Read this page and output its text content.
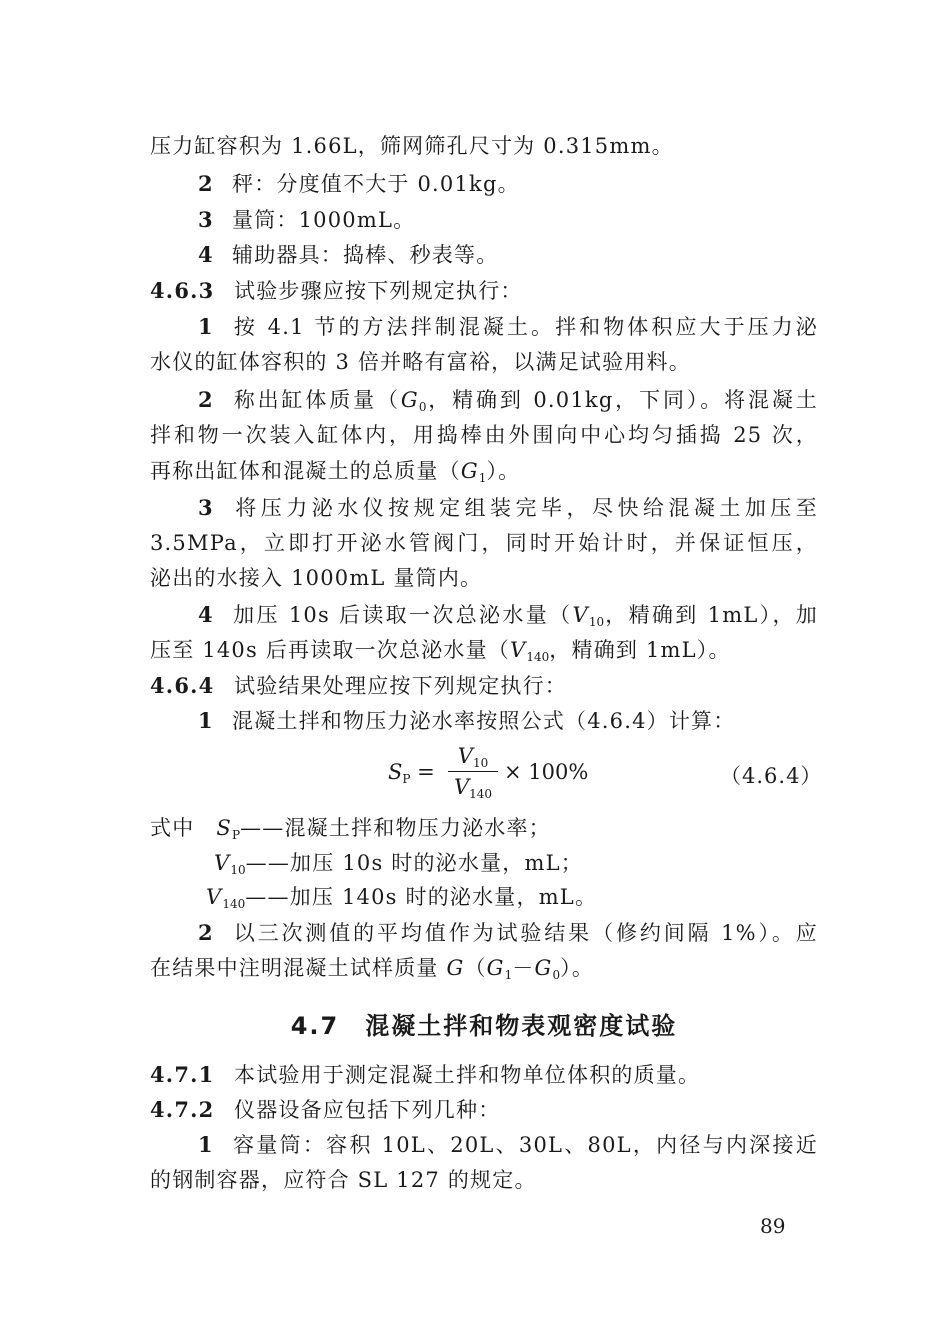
压力缸容积为 1.66L，筛网筛孔尺寸为 0.315mm。
2 秤：分度值不大于 0.01kg。
3 量筒：1000mL。
4 辅助器具：捣棒、秒表等。
4.6.3 试验步骤应按下列规定执行：
1 按 4.1 节的方法拌制混凝土。拌和物体积应大于压力泌
水仪的缸体容积的 3 倍并略有富裕，以满足试验用料。
2 称出缸体质量（$G_0$，精确到 0.01kg，下同）。将混凝土
拌和物一次装入缸体内，用捣棒由外围向中心均匀插捣 25 次，
再称出缸体和混凝土的总质量$(G_1)$。
3 将压力泌水仪按规定组装完毕，尽快给混凝土加压至
3.5MPa，立即打开泌水管阀门，同时开始计时，并保证恒压，
泌出的水接入 1000mL 量筒内。
4 加压 10s 后读取一次总泌水量（$V_{10}$，精确到 1mL），加
压至 140s 后再读取一次总泌水量（$V_{140}$，精确到 1mL）。
4.6.4 试验结果处理应按下列规定执行：
1 混凝土拌和物压力泌水率按照公式（4.6.4）计算：
$S_P$ =
$V_{10}$
$V_{140}$
× 100%	（4.6.4）
式中 $S_P——$混凝土拌和物压力泌水率；
$V_{10}——$加压 10s 时的泌水量，mL；
$V_{140}——$加压 140s 时的泌水量，mL。
2 以三次测值的平均值作为试验结果（修约间隔 1%）。应
在结果中注明混凝土试样质量 $G(G_1-G_0)$。
4.7　混凝土拌和物表观密度试验
4.7.1 本试验用于测定混凝土拌和物单位体积的质量。
4.7.2 仪器设备应包括下列几种：
1 容量筒：容积 10L、20L、30L、80L，内径与内深接近
的钢制容器，应符合 SL 127 的规定。
89
